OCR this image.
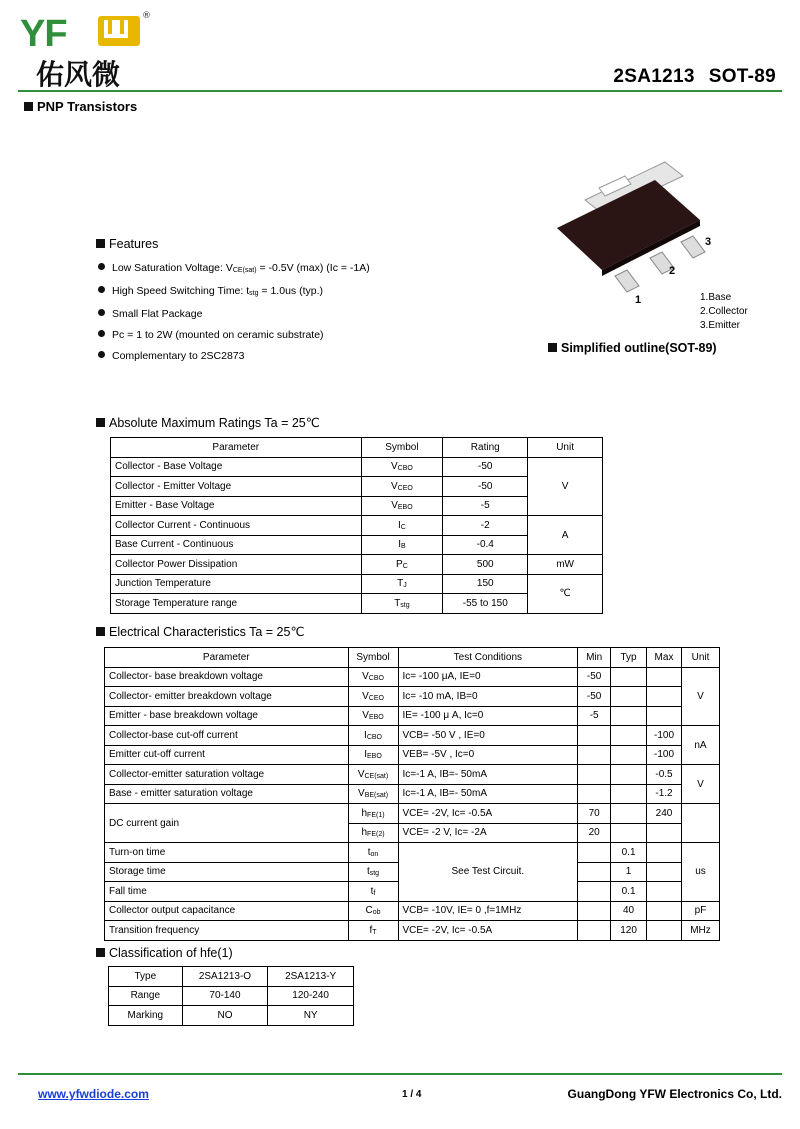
YF	®
佑风微	2SA1213 SOT-89
PNP Transistors
Features
Low Saturation Voltage: $V_{CE(sat)} = -0.5V$ (max) (Ic = -1A)
High Speed Switching Time: $t_{stg} = 1.0us$ (typ.)
Small Flat Package
Pc = 1 to 2W (mounted on ceramic substrate)
Complementary to 2SC2873
1
2
3
1.Base
2.Collector
3.Emitter
Simplified outline(SOT-89)
Absolute Maximum Ratings Ta = 25℃
Parameter	Symbol	Rating	Unit
Collector - Base Voltage	$V_{CBO}$	-50	V
Collector - Emitter Voltage	$V_{CEO}$	-50	
Emitter - Base Voltage	$V_{EBO}$	-5	
Collector Current - Continuous	$I_C$	-2	A
Base Current - Continuous	$I_B$	-0.4	
Collector Power Dissipation	$P_C$	500	mW
Junction Temperature	$T_J$	150	℃
Storage Temperature range	$T_{stg}$	-55 to 150	
Electrical Characteristics Ta = 25℃
Parameter	Symbol	Test Conditions	Min	Typ	Max	Unit
Collector- base breakdown voltage	$V_{CBO}$	Ic= -100 μA, IE=0	-50			V
Collector- emitter breakdown voltage	$V_{CEO}$	Ic= -10 mA, IB=0	-50			
Emitter - base breakdown voltage	$V_{EBO}$	IE= -100 μ A, Ic=0	-5			
Collector-base cut-off current	$I_{CBO}$	VCB= -50 V , IE=0			-100	nA
Emitter cut-off current	$I_{EBO}$	VEB= -5V , Ic=0			-100	
Collector-emitter saturation voltage	$V_{CE(sat)}$	Ic=-1 A, IB=- 50mA			-0.5	V
Base - emitter saturation voltage	$V_{BE(sat)}$	Ic=-1 A, IB=- 50mA			-1.2	
DC current gain	$h_{FE(1)}$	VCE= -2V, Ic= -0.5A	70		240	
	$h_{FE(2)}$	VCE= -2 V, Ic= -2A	20			
Turn-on time	$t_{on}$	See Test Circuit.		0.1		us
Storage time	$t_{stg}$			1		
Fall time	$t_f$			0.1		
Collector output capacitance	$C_{ob}$	VCB= -10V, IE= 0 ,f=1MHz		40		pF
Transition frequency	$f_T$	VCE= -2V, Ic= -0.5A		120		MHz
Classification of hfe(1)
Type	2SA1213-O	2SA1213-Y
Range	70-140	120-240
Marking	NO	NY
www.yfwdiode.com	1 / 4	GuangDong YFW Electronics Co, Ltd.
